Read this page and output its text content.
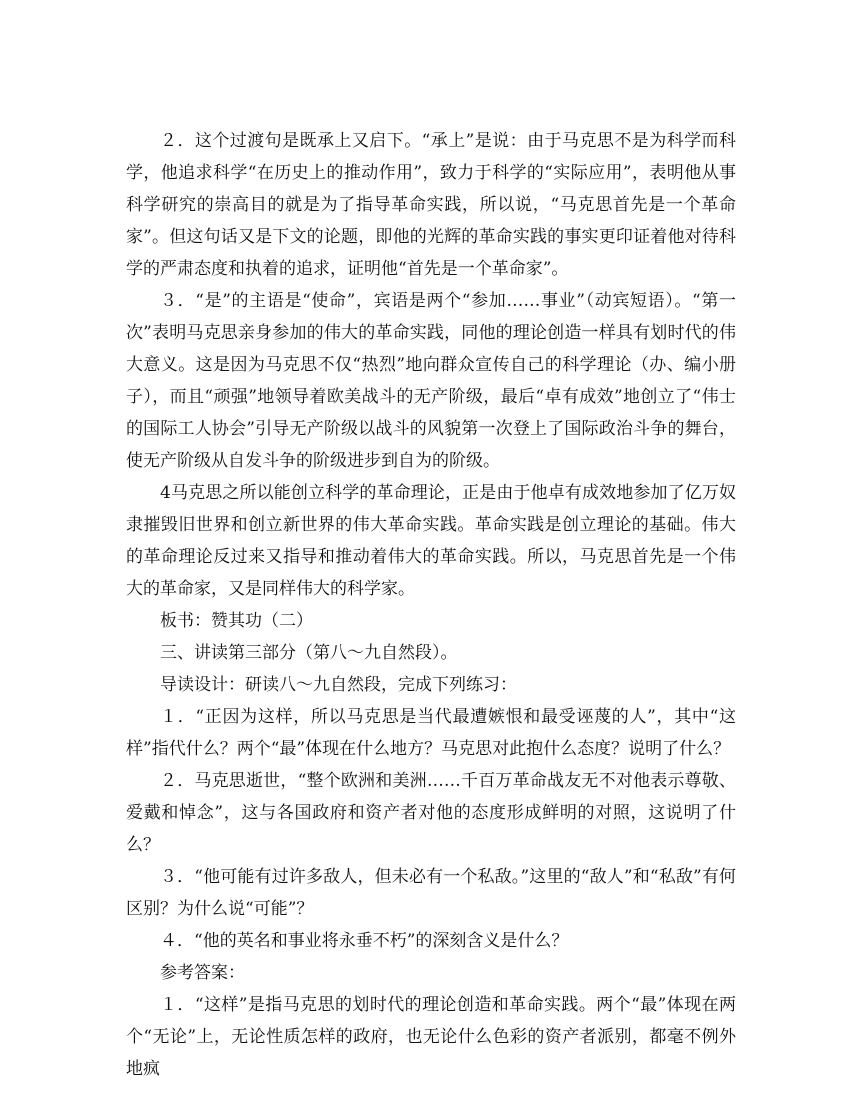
２．这个过渡句是既承上又启下。“承上”是说：由于马克思不是为科学而科学，他追求科学“在历史上的推动作用”，致力于科学的“实际应用”，表明他从事科学研究的崇高目的就是为了指导革命实践，所以说，“马克思首先是一个革命家”。但这句话又是下文的论题，即他的光辉的革命实践的事实更印证着他对待科学的严肃态度和执着的追求，证明他“首先是一个革命家”。

３．“是”的主语是“使命”，宾语是两个“参加……事业”（动宾短语）。“第一次”表明马克思亲身参加的伟大的革命实践，同他的理论创造一样具有划时代的伟大意义。这是因为马克思不仅“热烈”地向群众宣传自己的科学理论（办、编小册子），而且“顽强”地领导着欧美战斗的无产阶级，最后“卓有成效”地创立了“伟士的国际工人协会”引导无产阶级以战斗的风貌第一次登上了国际政治斗争的舞台，使无产阶级从自发斗争的阶级进步到自为的阶级。

4马克思之所以能创立科学的革命理论，正是由于他卓有成效地参加了亿万奴隶摧毁旧世界和创立新世界的伟大革命实践。革命实践是创立理论的基础。伟大的革命理论反过来又指导和推动着伟大的革命实践。所以，马克思首先是一个伟大的革命家，又是同样伟大的科学家。

板书：赞其功（二）

三、讲读第三部分（第八～九自然段）。

导读设计：研读八～九自然段，完成下列练习：

１．“正因为这样，所以马克思是当代最遭嫉恨和最受诬蔑的人”，其中“这样”指代什么？两个“最”体现在什么地方？马克思对此抱什么态度？说明了什么？

２．马克思逝世，“整个欧洲和美洲……千百万革命战友无不对他表示尊敬、爱戴和悼念”，这与各国政府和资产者对他的态度形成鲜明的对照，这说明了什么？

３．“他可能有过许多敌人，但未必有一个私敌。”这里的“敌人”和“私敌”有何区别？为什么说“可能”？

４．“他的英名和事业将永垂不朽”的深刻含义是什么？

参考答案：

１．“这样”是指马克思的划时代的理论创造和革命实践。两个“最”体现在两个“无论”上，无论性质怎样的政府，也无论什么色彩的资产者派别，都毫不例外地疯
